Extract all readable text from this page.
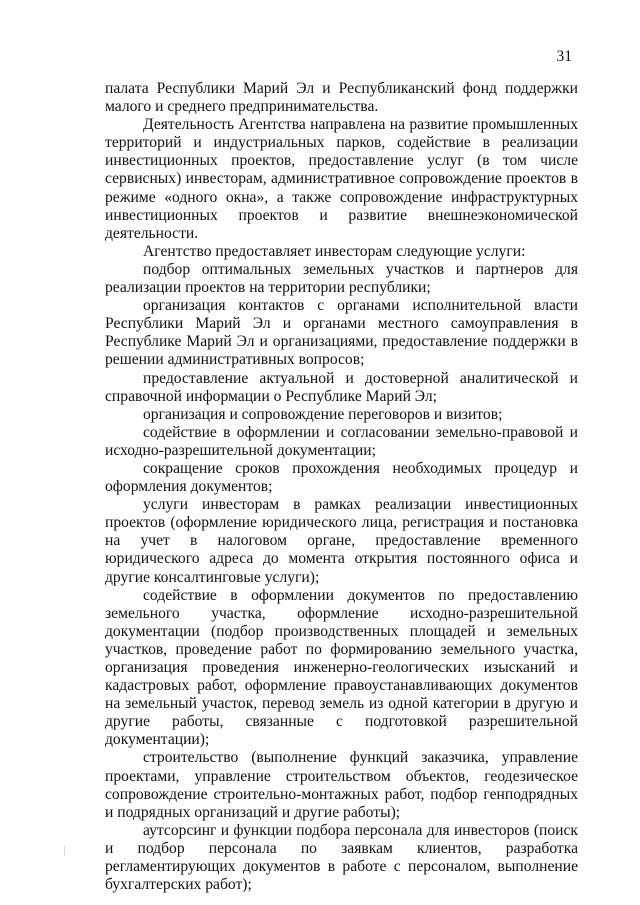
31

палата Республики Марий Эл и Республиканский фонд поддержки малого и среднего предпринимательства.

Деятельность Агентства направлена на развитие промышленных территорий и индустриальных парков, содействие в реализации инвестиционных проектов, предоставление услуг (в том числе сервисных) инвесторам, административное сопровождение проектов в режиме «одного окна», а также сопровождение инфраструктурных инвестиционных проектов и развитие внешнеэкономической деятельности.

Агентство предоставляет инвесторам следующие услуги:

подбор оптимальных земельных участков и партнеров для реализации проектов на территории республики;

организация контактов с органами исполнительной власти Республики Марий Эл и органами местного самоуправления в Республике Марий Эл и организациями, предоставление поддержки в решении административных вопросов;

предоставление актуальной и достоверной аналитической и справочной информации о Республике Марий Эл;

организация и сопровождение переговоров и визитов;

содействие в оформлении и согласовании земельно-правовой и исходно-разрешительной документации;

сокращение сроков прохождения необходимых процедур и оформления документов;

услуги инвесторам в рамках реализации инвестиционных проектов (оформление юридического лица, регистрация и постановка на учет в налоговом органе, предоставление временного юридического адреса до момента открытия постоянного офиса и другие консалтинговые услуги);

содействие в оформлении документов по предоставлению земельного участка, оформление исходно-разрешительной документации (подбор производственных площадей и земельных участков, проведение работ по формированию земельного участка, организация проведения инженерно-геологических изысканий и кадастровых работ, оформление правоустанавливающих документов на земельный участок, перевод земель из одной категории в другую и другие работы, связанные с подготовкой разрешительной документации);

строительство (выполнение функций заказчика, управление проектами, управление строительством объектов, геодезическое сопровождение строительно-монтажных работ, подбор генподрядных и подрядных организаций и другие работы);

аутсорсинг и функции подбора персонала для инвесторов (поиск и подбор персонала по заявкам клиентов, разработка регламентирующих документов в работе с персоналом, выполнение бухгалтерских работ);
